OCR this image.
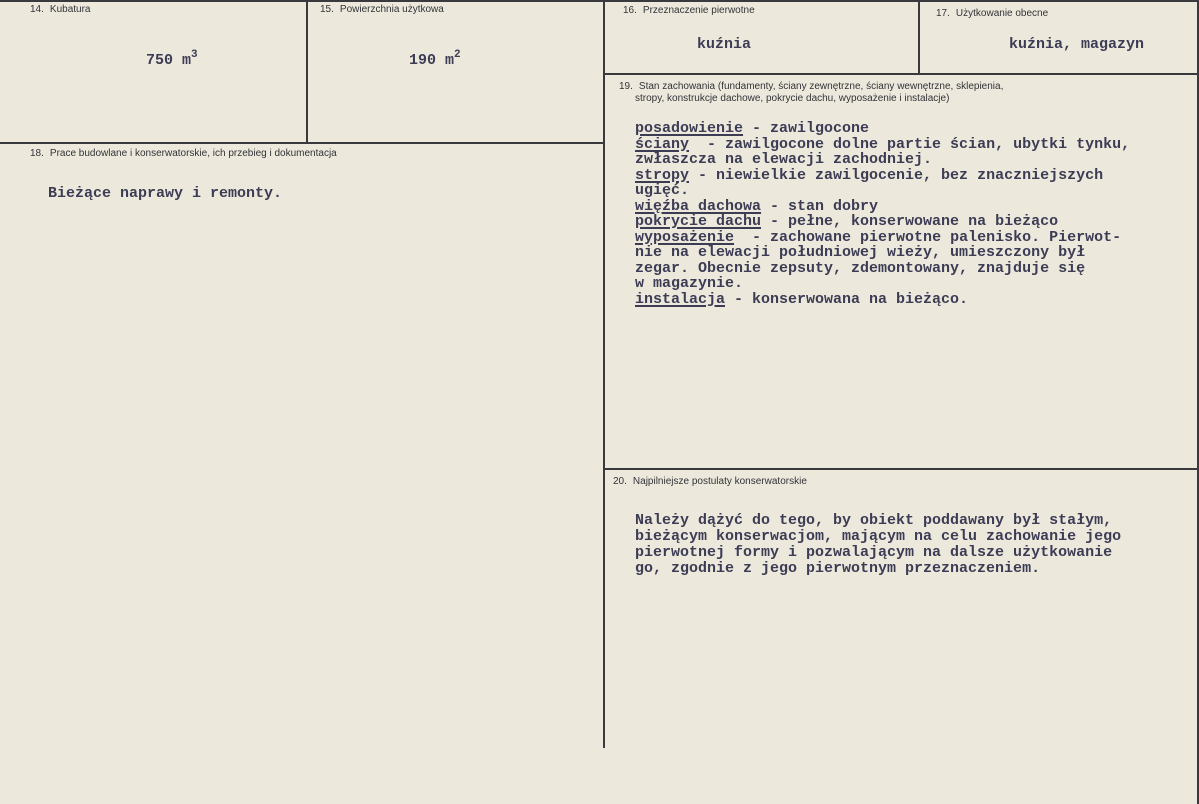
14. Kubatura
750 $m^3$
15. Powierzchnia użytkowa
190 $m^2$
16. Przeznaczenie pierwotne
kuźnia
17. Użytkowanie obecne
kuźnia, magazyn
18. Prace budowlane i konserwatorskie, ich przebieg i dokumentacja
Bieżące naprawy i remonty.
19. Stan zachowania (fundamenty, ściany zewnętrzne, ściany wewnętrzne, sklepienia,
stropy, konstrukcje dachowe, pokrycie dachu, wyposażenie i instalacje)
posadowienie - zawilgocone
ściany  - zawilgocone dolne partie ścian, ubytki tynku,
zwłaszcza na elewacji zachodniej.
stropy - niewielkie zawilgocenie, bez znaczniejszych
ugięć.
więźba dachowa - stan dobry
pokrycie dachu - pełne, konserwowane na bieżąco
wyposażenie  - zachowane pierwotne palenisko. Pierwot-
nie na elewacji południowej wieży, umieszczony był
zegar. Obecnie zepsuty, zdemontowany, znajduje się
w magazynie.
instalacja - konserwowana na bieżąco.
20. Najpilniejsze postulaty konserwatorskie
Należy dążyć do tego, by obiekt poddawany był stałym,
bieżącym konserwacjom, mającym na celu zachowanie jego
pierwotnej formy i pozwalającym na dalsze użytkowanie
go, zgodnie z jego pierwotnym przeznaczeniem.
